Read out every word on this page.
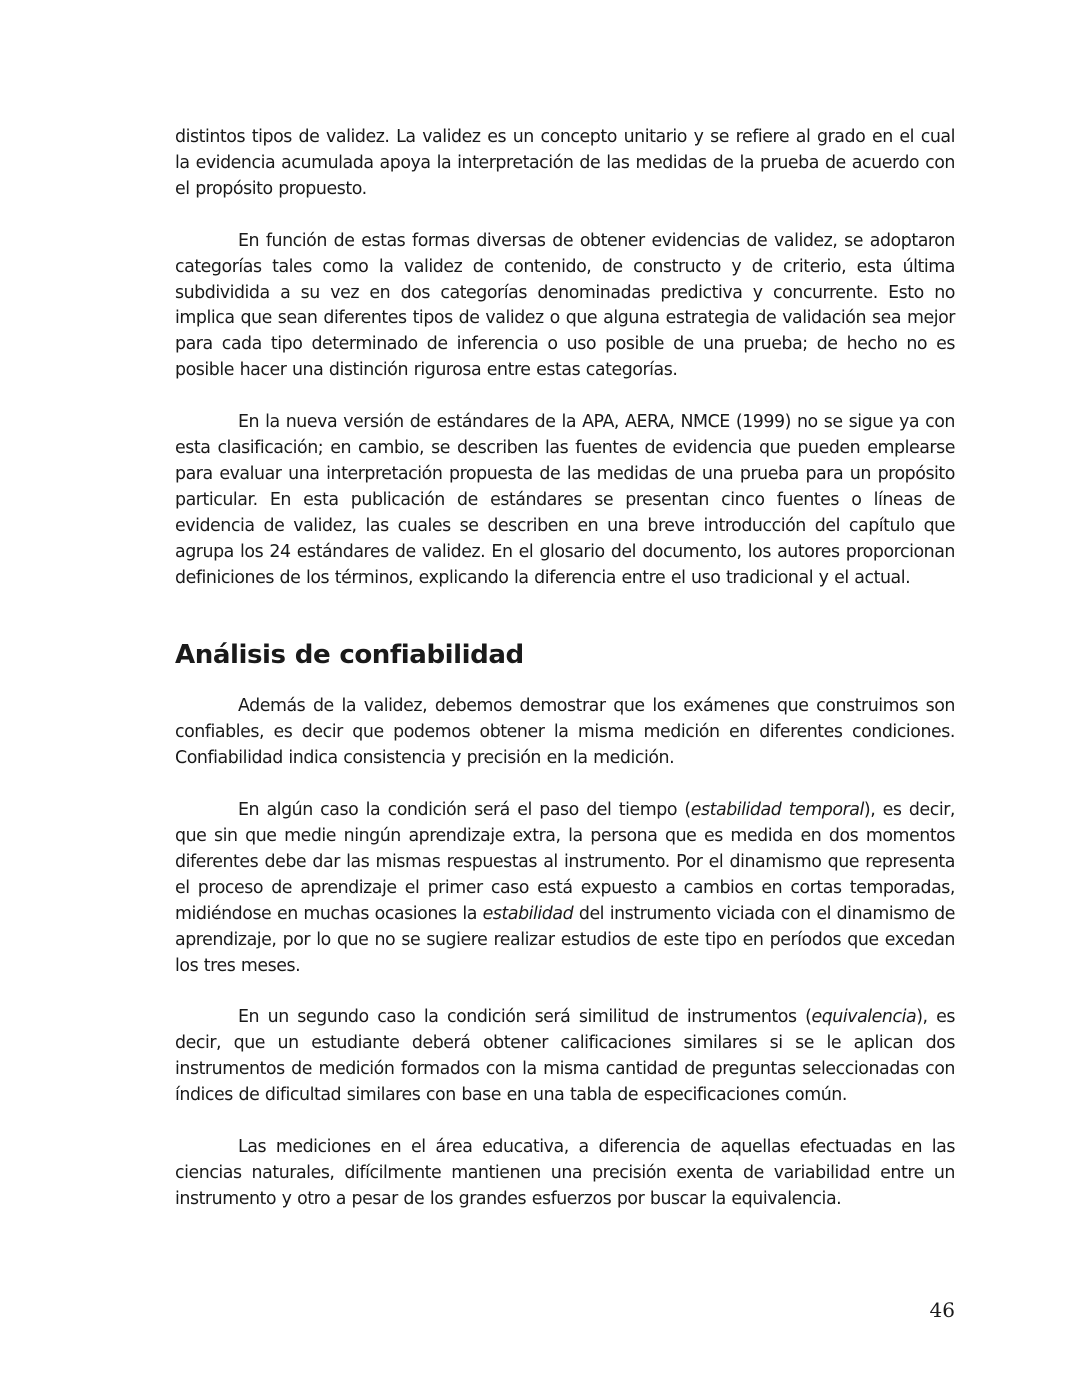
distintos tipos de validez. La validez es un concepto unitario y se refiere al grado en el cual la evidencia acumulada apoya la interpretación de las medidas de la prueba de acuerdo con el propósito propuesto.

En función de estas formas diversas de obtener evidencias de validez, se adoptaron categorías tales como la validez de contenido, de constructo y de criterio, esta última subdividida a su vez en dos categorías denominadas predictiva y concurrente. Esto no implica que sean diferentes tipos de validez o que alguna estrategia de validación sea mejor para cada tipo determinado de inferencia o uso posible de una prueba; de hecho no es posible hacer una distinción rigurosa entre estas categorías.

En la nueva versión de estándares de la APA, AERA, NMCE (1999) no se sigue ya con esta clasificación; en cambio, se describen las fuentes de evidencia que pueden emplearse para evaluar una interpretación propuesta de las medidas de una prueba para un propósito particular. En esta publicación de estándares se presentan cinco fuentes o líneas de evidencia de validez, las cuales se describen en una breve introducción del capítulo que agrupa los 24 estándares de validez. En el glosario del documento, los autores proporcionan definiciones de los términos, explicando la diferencia entre el uso tradicional y el actual.

Análisis de confiabilidad

Además de la validez, debemos demostrar que los exámenes que construimos son confiables, es decir que podemos obtener la misma medición en diferentes condiciones. Confiabilidad indica consistencia y precisión en la medición.

En algún caso la condición será el paso del tiempo (estabilidad temporal), es decir, que sin que medie ningún aprendizaje extra, la persona que es medida en dos momentos diferentes debe dar las mismas respuestas al instrumento. Por el dinamismo que representa el proceso de aprendizaje el primer caso está expuesto a cambios en cortas temporadas, midiéndose en muchas ocasiones la estabilidad del instrumento viciada con el dinamismo de aprendizaje, por lo que no se sugiere realizar estudios de este tipo en períodos que excedan los tres meses.

En un segundo caso la condición será similitud de instrumentos (equivalencia), es decir, que un estudiante deberá obtener calificaciones similares si se le aplican dos instrumentos de medición formados con la misma cantidad de preguntas seleccionadas con índices de dificultad similares con base en una tabla de especificaciones común.

Las mediciones en el área educativa, a diferencia de aquellas efectuadas en las ciencias naturales, difícilmente mantienen una precisión exenta de variabilidad entre un instrumento y otro a pesar de los grandes esfuerzos por buscar la equivalencia.

46
